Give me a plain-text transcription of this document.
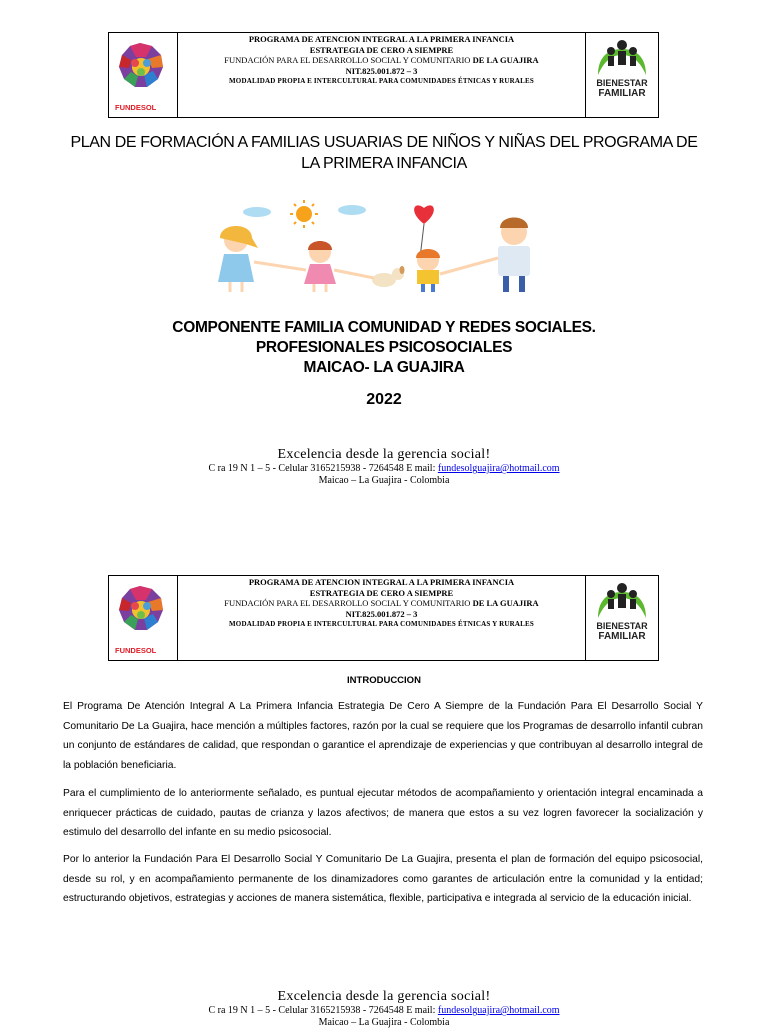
FUNDESOL
PROGRAMA DE ATENCION INTEGRAL A LA PRIMERA INFANCIA
ESTRATEGIA DE CERO A SIEMPRE
FUNDACIÓN PARA EL DESARROLLO SOCIAL Y COMUNITARIO DE LA GUAJIRA
NIT.825.001.872 – 3
MODALIDAD PROPIA E INTERCULTURAL PARA COMUNIDADES ÉTNICAS Y RURALES	BIENESTAR
FAMILIAR
PLAN DE FORMACIÓN A FAMILIAS USUARIAS DE NIÑOS Y NIÑAS DEL PROGRAMA DE
LA PRIMERA INFANCIA
COMPONENTE FAMILIA COMUNIDAD Y REDES SOCIALES.
PROFESIONALES PSICOSOCIALES
MAICAO- LA GUAJIRA
2022
Excelencia desde la gerencia social!
C ra 19 N 1 – 5 - Celular 3165215938 - 7264548 E mail: fundesolguajira@hotmail.com
Maicao – La Guajira - Colombia
FUNDESOL
PROGRAMA DE ATENCION INTEGRAL A LA PRIMERA INFANCIA
ESTRATEGIA DE CERO A SIEMPRE
FUNDACIÓN PARA EL DESARROLLO SOCIAL Y COMUNITARIO DE LA GUAJIRA
NIT.825.001.872 – 3
MODALIDAD PROPIA E INTERCULTURAL PARA COMUNIDADES ÉTNICAS Y RURALES	BIENESTAR
FAMILIAR
INTRODUCCION

El Programa De Atención Integral A La Primera Infancia Estrategia De Cero A Siempre de la Fundación Para El Desarrollo Social Y Comunitario De La Guajira, hace mención a múltiples factores, razón por la cual se requiere que los Programas de desarrollo infantil cubran un conjunto de estándares de calidad, que respondan o garantice el aprendizaje de experiencias y que contribuyan al desarrollo integral de la población beneficiaria.

Para el cumplimiento de lo anteriormente señalado, es puntual ejecutar métodos de acompañamiento y orientación integral encaminada a enriquecer prácticas de cuidado, pautas de crianza y lazos afectivos; de manera que estos a su vez logren favorecer la socialización y estimulo del desarrollo del infante en su medio psicosocial.

Por lo anterior la Fundación Para El Desarrollo Social Y Comunitario De La Guajira, presenta el plan de formación del equipo psicosocial, desde su rol, y en acompañamiento permanente de los dinamizadores como garantes de articulación entre la comunidad y la entidad; estructurando objetivos, estrategias y acciones de manera sistemática, flexible, participativa e integrada al servicio de la educación inicial.

Excelencia desde la gerencia social!
C ra 19 N 1 – 5 - Celular 3165215938 - 7264548 E mail: fundesolguajira@hotmail.com
Maicao – La Guajira - Colombia
